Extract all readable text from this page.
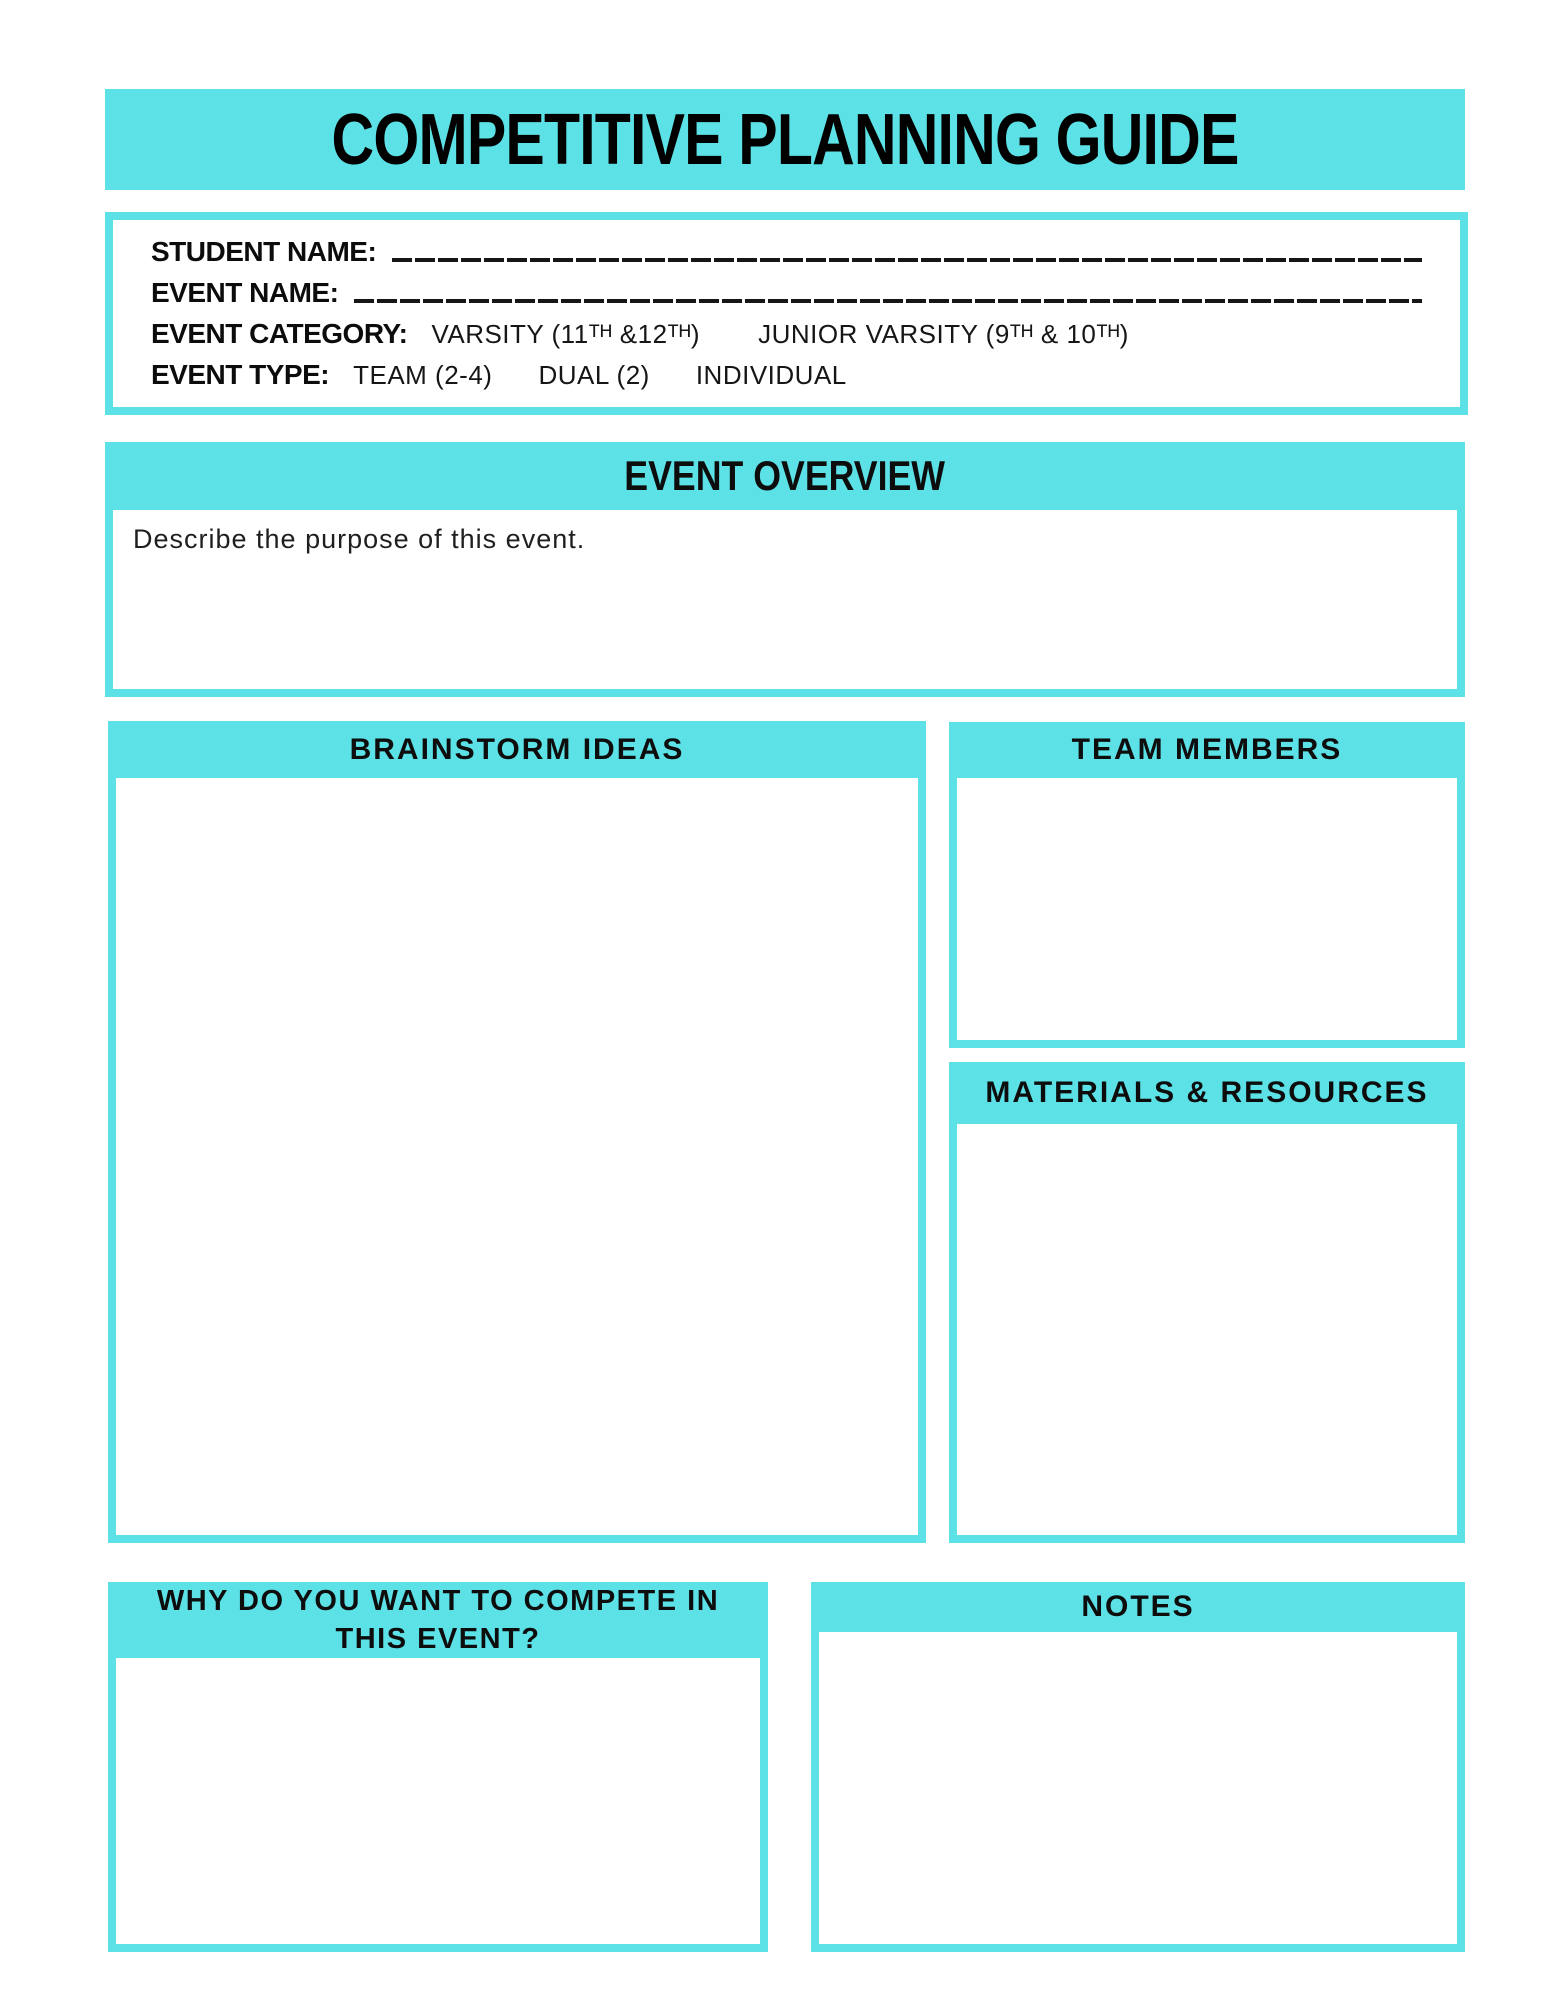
COMPETITIVE PLANNING GUIDE
STUDENT NAME:
EVENT NAME:
EVENT CATEGORY: VARSITY (11ᵀᴴ &12ᵀᴴ) JUNIOR VARSITY (9ᵀᴴ & 10ᵀᴴ)
EVENT TYPE: TEAM (2-4) DUAL (2) INDIVIDUAL
EVENT OVERVIEW
Describe the purpose of this event.
BRAINSTORM IDEAS	TEAM MEMBERS
MATERIALS & RESOURCES
WHY DO YOU WANT TO COMPETE IN THIS EVENT?
NOTES
